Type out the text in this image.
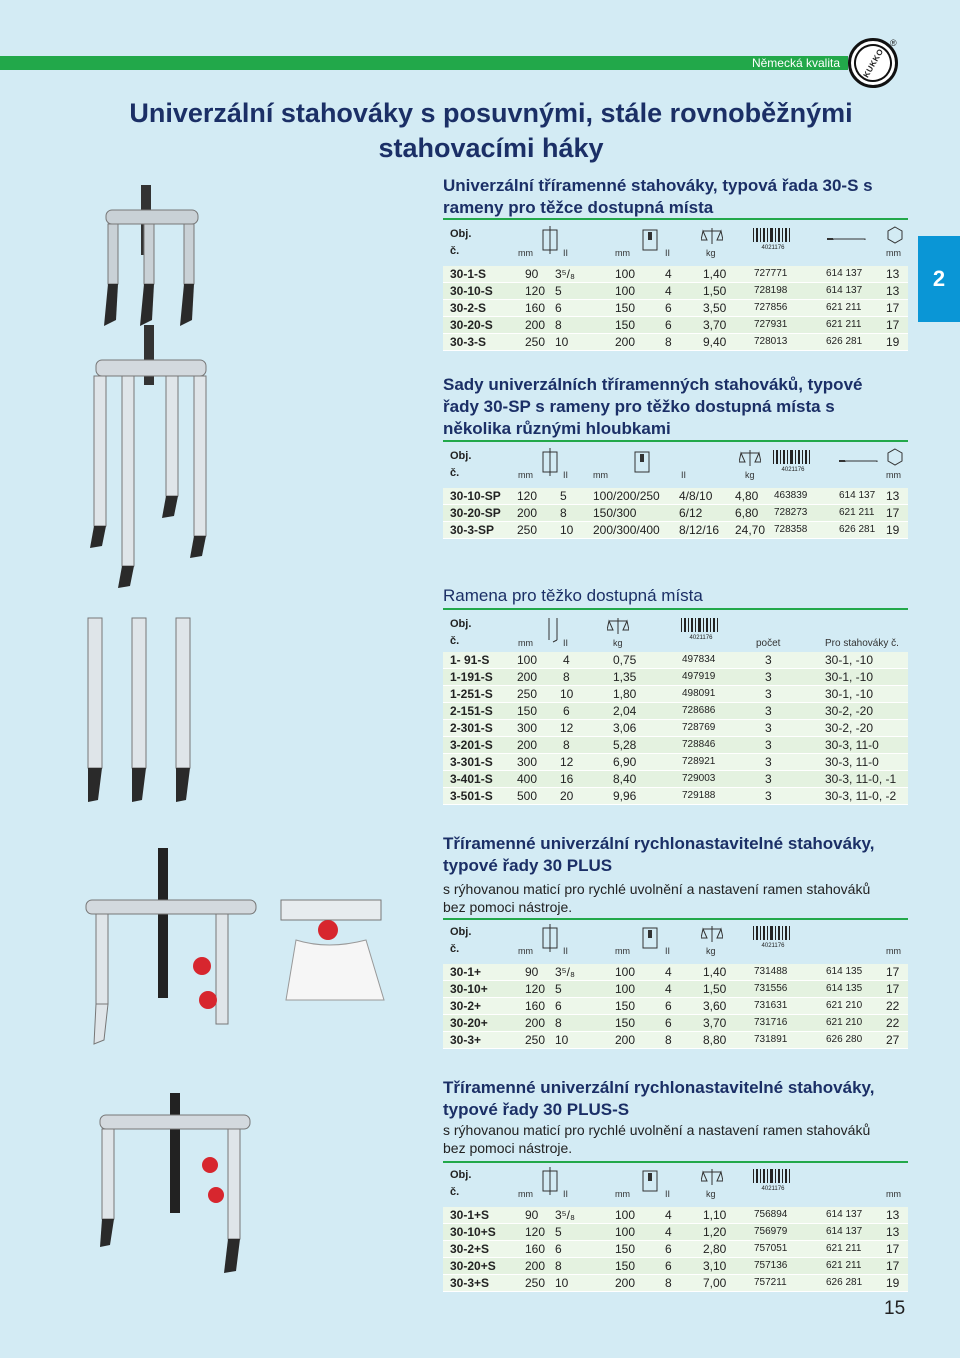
Německá kvalita	KUKKO
®
Univerzální stahováky s posuvnými, stále rovnoběžnými
stahovacími háky
2
Univerzální tříramenné stahováky, typová řada 30-S s
rameny pro těžce dostupná místa
Obj.
č.	mm	II	mm	II	kg	4021176	mm
30-1-S	90 3⁵/₈	100 4	1,40	727771	614 137 13
30-10-S	120 5	100 4	1,50	728198	614 137 13
30-2-S	160 6	150 6	3,50	727856	621 211 17
30-20-S	200 8	150 6	3,70	727931	621 211 17
30-3-S	250 10	200 8	9,40	728013	626 281 19
Sady univerzálních tříramenných stahováků, typové
řady 30-SP s rameny pro těžko dostupná místa s
několika různými hloubkami
Obj.
č.	mm	II	mm	II	kg	4021176	mm
30-10-SP 120 5 100/200/250 4/8/10 4,80 463839	614 137 13
30-20-SP 200 8 150/300	6/12	6,80 728273	621 211 17
30-3-SP 250 10 200/300/400 8/12/16 24,70 728358	626 281 19
Ramena pro těžko dostupná místa
Obj.
č.	mm	II	kg	4021176	počet	Pro stahováky č.
1- 91-S 100 4	0,75	497834	3	30-1, -10
1-191-S 200 8	1,35	497919	3	30-1, -10
1-251-S 250 10	1,80	498091	3	30-1, -10
2-151-S 150 6	2,04	728686	3	30-2, -20
2-301-S 300 12	3,06	728769	3	30-2, -20
3-201-S 200 8	5,28	728846	3	30-3, 11-0
3-301-S 300 12	6,90	728921	3	30-3, 11-0
3-401-S 400 16	8,40	729003	3	30-3, 11-0, -1
3-501-S 500 20	9,96	729188	3	30-3, 11-0, -2
Tříramenné univerzální rychlonastavitelné stahováky,
typové řady 30 PLUS
s rýhovanou maticí pro rychlé uvolnění a nastavení ramen stahováků
bez pomoci nástroje.
Obj.
č.	mm	II	mm	II	kg	4021176	mm
30-1+	90 3⁵/₈	100 4	1,40	731488	614 135 17
30-10+	120 5	100 4	1,50	731556	614 135 17
30-2+	160 6	150 6	3,60	731631	621 210 22
30-20+	200 8	150 6	3,70	731716	621 210 22
30-3+	250 10	200 8	8,80	731891	626 280 27
Tříramenné univerzální rychlonastavitelné stahováky,
typové řady 30 PLUS-S
s rýhovanou maticí pro rychlé uvolnění a nastavení ramen stahováků
bez pomoci nástroje.
Obj.
č.	mm	II	mm	II	kg	4021176	mm
30-1+S	90 3⁵/₈	100 4	1,10	756894	614 137 13
30-10+S 120 5	100 4	1,20	756979	614 137 13
30-2+S	160 6	150 6	2,80	757051	621 211 17
30-20+S 200 8	150 6	3,10	757136	621 211 17
30-3+S	250 10	200 8	7,00	757211	626 281 19
15
